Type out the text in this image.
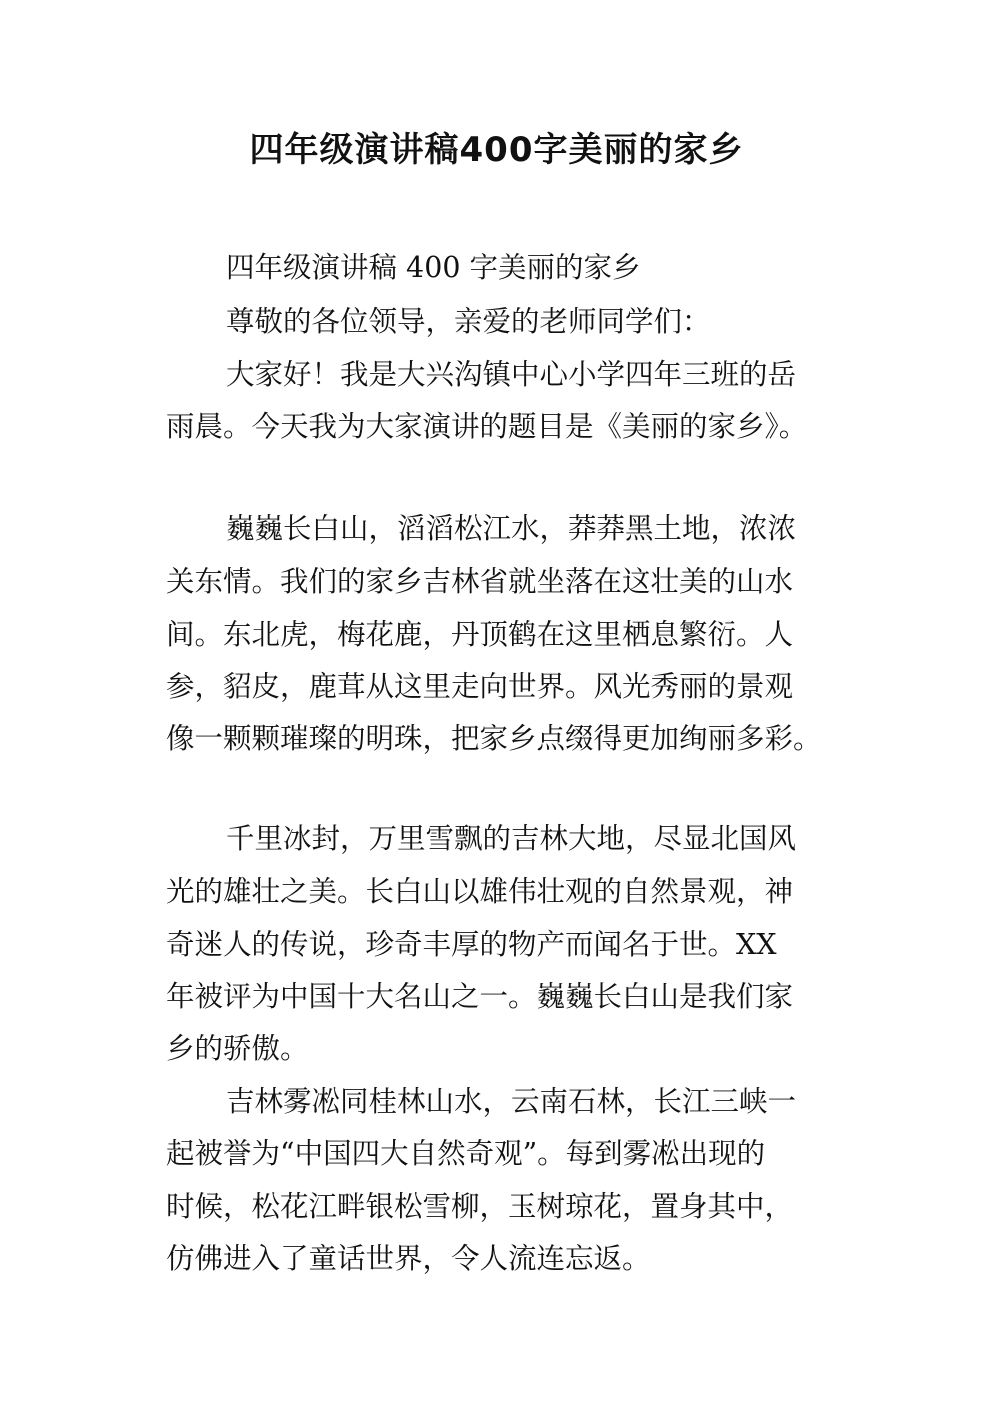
四年级演讲稿400字美丽的家乡
四年级演讲稿 400 字美丽的家乡
尊敬的各位领导，亲爱的老师同学们：
大家好！我是大兴沟镇中心小学四年三班的岳
雨晨。今天我为大家演讲的题目是《美丽的家乡》。
巍巍长白山，滔滔松江水，莽莽黑土地，浓浓
关东情。我们的家乡吉林省就坐落在这壮美的山水
间。东北虎，梅花鹿，丹顶鹤在这里栖息繁衍。人
参，貂皮，鹿茸从这里走向世界。风光秀丽的景观
像一颗颗璀璨的明珠，把家乡点缀得更加绚丽多彩。
千里冰封，万里雪飘的吉林大地，尽显北国风
光的雄壮之美。长白山以雄伟壮观的自然景观，神
奇迷人的传说，珍奇丰厚的物产而闻名于世。XX
年被评为中国十大名山之一。巍巍长白山是我们家
乡的骄傲。
吉林雾凇同桂林山水，云南石林，长江三峡一
起被誉为“中国四大自然奇观”。每到雾凇出现的
时候，松花江畔银松雪柳，玉树琼花，置身其中，
仿佛进入了童话世界，令人流连忘返。
